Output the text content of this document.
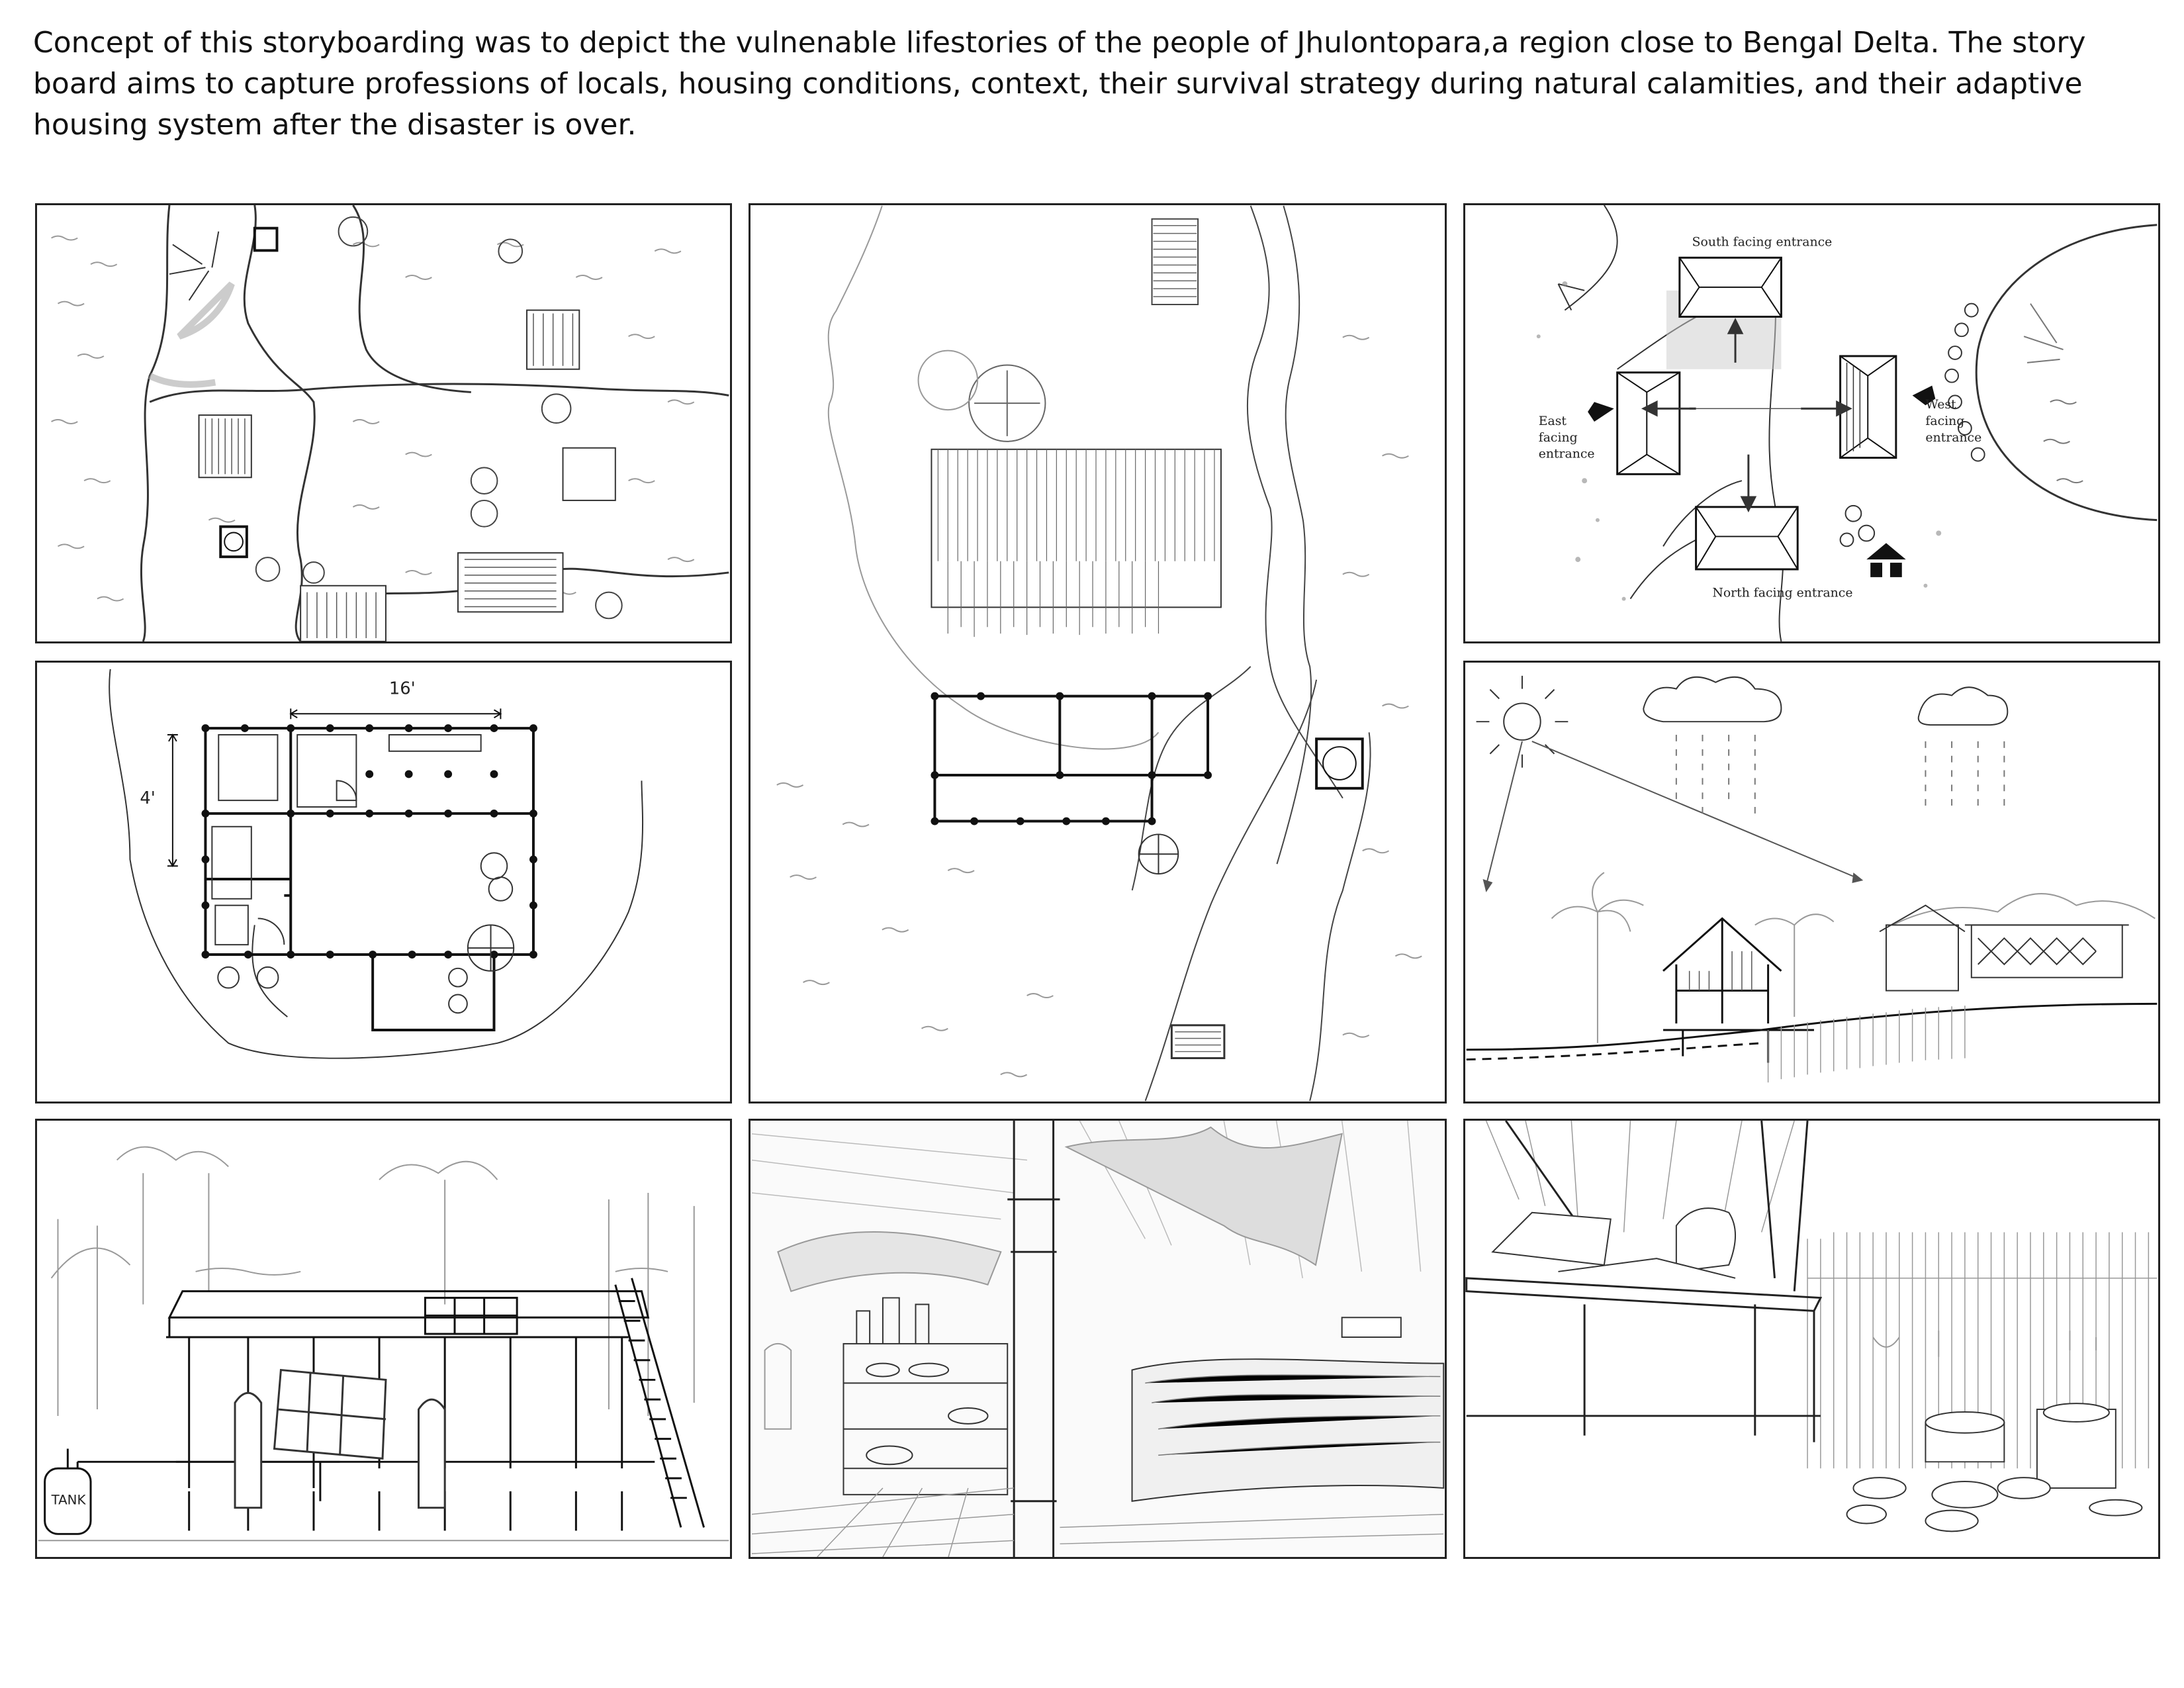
Concept of this storyboarding was to depict the vulnenable lifestories of the people of Jhulontopara,a region close to Bengal Delta. The story board aims to capture professions of locals, housing conditions, context, their survival strategy during natural calamities, and their adaptive housing system after the disaster is over.

South facing entrance
North facing entrance
East
facing
entrance
West
facing
entrance
16'
4'
TANK
